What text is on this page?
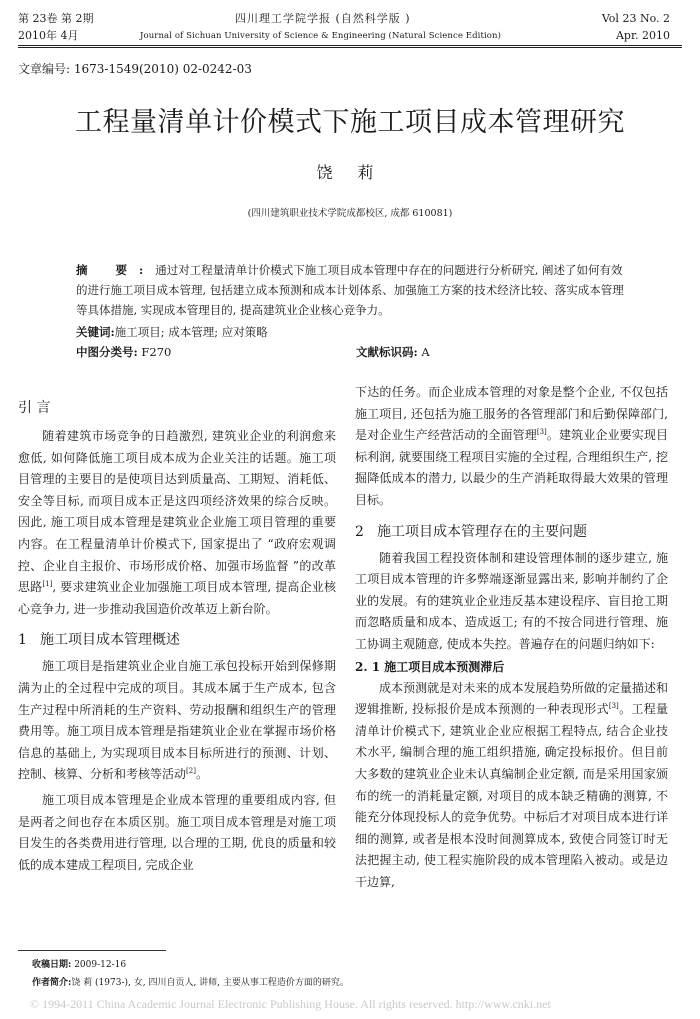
第 23卷 第 2期	四川理工学院学报 (自然科学版 )	Vol 23 No. 2
2010年 4月	Journal of Sichuan University of Science & Engineering (Natural Science Edition)	Apr. 2010
文章编号: 1673-1549(2010) 02-0242-03
工程量清单计价模式下施工项目成本管理研究
饶 莉
(四川建筑职业技术学院成都校区, 成都 610081)

摘 要:通过对工程量清单计价模式下施工项目成本管理中存在的问题进行分析研究, 阐述了如何有效的进行施工项目成本管理, 包括建立成本预测和成本计划体系、加强施工方案的技术经济比较、落实成本管理等具体措施, 实现成本管理目的, 提高建筑业企业核心竞争力。

关键词:施工项目; 成本管理; 应对策略

中图分类号: F270	文献标识码: A
引 言

随着建筑市场竞争的日趋激烈, 建筑业企业的利润愈来愈低, 如何降低施工项目成本成为企业关注的话题。施工项目管理的主要目的是使项目达到质量高、工期短、消耗低、安全等目标, 而项目成本正是这四项经济效果的综合反映。因此, 施工项目成本管理是建筑业企业施工项目管理的重要内容。在工程量清单计价模式下, 国家提出了 “政府宏观调控、企业自主报价、市场形成价格、加强市场监督 ”的改革思路[1], 要求建筑业企业加强施工项目成本管理, 提高企业核心竞争力, 进一步推动我国造价改革迈上新台阶。

1 施工项目成本管理概述

施工项目是指建筑业企业自施工承包投标开始到保修期满为止的全过程中完成的项目。其成本属于生产成本, 包含生产过程中所消耗的生产资料、劳动报酬和组织生产的管理费用等。施工项目成本管理是指建筑业企业在掌握市场价格信息的基础上, 为实现项目成本目标所进行的预测、计划、控制、核算、分析和考核等活动[2]。

施工项目成本管理是企业成本管理的重要组成内容, 但是两者之间也存在本质区别。施工项目成本管理是对施工项目发生的各类费用进行管理, 以合理的工期, 优良的质量和较低的成本建成工程项目, 完成企业

下达的任务。而企业成本管理的对象是整个企业, 不仅包括施工项目, 还包括为施工服务的各管理部门和后勤保障部门, 是对企业生产经营活动的全面管理[3]。建筑业企业要实现目标利润, 就要围绕工程项目实施的全过程, 合理组织生产, 挖掘降低成本的潜力, 以最少的生产消耗取得最大效果的管理目标。

2 施工项目成本管理存在的主要问题

随着我国工程投资体制和建设管理体制的逐步建立, 施工项目成本管理的许多弊端逐渐显露出来, 影响并制约了企业的发展。有的建筑业企业违反基本建设程序、盲目抢工期而忽略质量和成本、造成返工; 有的不按合同进行管理、施工协调主观随意, 使成本失控。普遍存在的问题归纳如下:

2. 1 施工项目成本预测滞后

成本预测就是对未来的成本发展趋势所做的定量描述和逻辑推断, 投标报价是成本预测的一种表现形式[3]。工程量清单计价模式下, 建筑业企业应根据工程特点, 结合企业技术水平, 编制合理的施工组织措施, 确定投标报价。但目前大多数的建筑业企业未认真编制企业定额, 而是采用国家颁布的统一的消耗量定额, 对项目的成本缺乏精确的测算, 不能充分体现投标人的竞争优势。中标后才对项目成本进行详细的测算, 或者是根本没时间测算成本, 致使合同签订时无法把握主动, 使工程实施阶段的成本管理陷入被动。或是边干边算,

收稿日期: 2009-12-16
作者简介:饶 莉 (1973-), 女, 四川自贡人, 讲师, 主要从事工程造价方面的研究。
© 1994-2011 China Academic Journal Electronic Publishing House. All rights reserved. http://www.cnki.net
